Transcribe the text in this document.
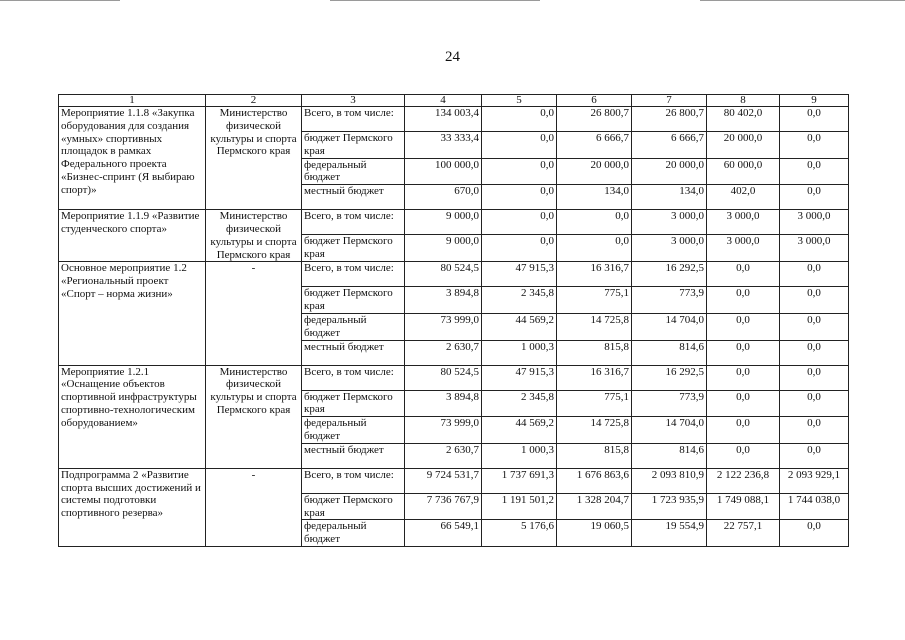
24
1	2	3	4	5	6	7	8	9
Мероприятие 1.1.8 «Закупка оборудования для создания «умных» спортивных площадок в рамках Федерального проекта «Бизнес-спринт (Я выбираю спорт)»	Министерство физической культуры и спорта Пермского края	Всего, в том числе:	134 003,4	0,0	26 800,7	26 800,7	80 402,0	0,0
		бюджет Пермского края	33 333,4	0,0	6 666,7	6 666,7	20 000,0	0,0
		федеральный бюджет	100 000,0	0,0	20 000,0	20 000,0	60 000,0	0,0
		местный бюджет	670,0	0,0	134,0	134,0	402,0	0,0
Мероприятие 1.1.9 «Развитие студенческого спорта»	Министерство физической культуры и спорта Пермского края	Всего, в том числе:	9 000,0	0,0	0,0	3 000,0	3 000,0	3 000,0
		бюджет Пермского края	9 000,0	0,0	0,0	3 000,0	3 000,0	3 000,0
Основное мероприятие 1.2 «Региональный проект «Спорт – норма жизни»	-	Всего, в том числе:	80 524,5	47 915,3	16 316,7	16 292,5	0,0	0,0
		бюджет Пермского края	3 894,8	2 345,8	775,1	773,9	0,0	0,0
		федеральный бюджет	73 999,0	44 569,2	14 725,8	14 704,0	0,0	0,0
		местный бюджет	2 630,7	1 000,3	815,8	814,6	0,0	0,0
Мероприятие 1.2.1 «Оснащение объектов спортивной инфраструктуры спортивно-технологическим оборудованием»	Министерство физической культуры и спорта Пермского края	Всего, в том числе:	80 524,5	47 915,3	16 316,7	16 292,5	0,0	0,0
		бюджет Пермского края	3 894,8	2 345,8	775,1	773,9	0,0	0,0
		федеральный бюджет	73 999,0	44 569,2	14 725,8	14 704,0	0,0	0,0
		местный бюджет	2 630,7	1 000,3	815,8	814,6	0,0	0,0
Подпрограмма 2 «Развитие спорта высших достижений и системы подготовки спортивного резерва»	-	Всего, в том числе:	9 724 531,7	1 737 691,3	1 676 863,6	2 093 810,9	2 122 236,8	2 093 929,1
		бюджет Пермского края	7 736 767,9	1 191 501,2	1 328 204,7	1 723 935,9	1 749 088,1	1 744 038,0
		федеральный бюджет	66 549,1	5 176,6	19 060,5	19 554,9	22 757,1	0,0
